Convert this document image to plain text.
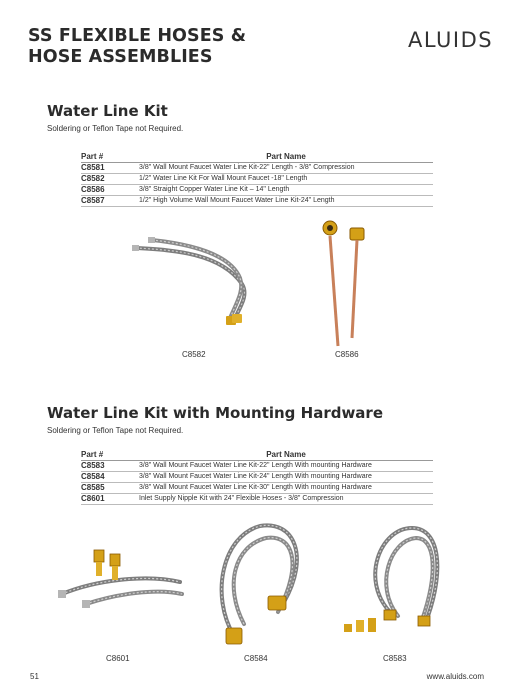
SS FLEXIBLE HOSES &
HOSE ASSEMBLIES
ALUIDS
Water Line Kit
Soldering or Teflon Tape not Required.
Part #	Part Name
C8581	3/8" Wall Mount Faucet Water Line Kit-22" Length - 3/8" Compression
C8582	1/2" Water Line Kit For Wall Mount Faucet -18" Length
C8586	3/8" Straight Copper Water Line Kit – 14" Length
C8587	1/2" High Volume Wall Mount Faucet Water Line Kit-24" Length
C8582	C8586
Water Line Kit with Mounting Hardware
Soldering or Teflon Tape not Required.
Part #	Part Name
C8583	3/8" Wall Mount Faucet Water Line Kit-22" Length With mounting Hardware
C8584	3/8" Wall Mount Faucet Water Line Kit-24" Length With mounting Hardware
C8585	3/8" Wall Mount Faucet Water Line Kit-30" Length With mounting Hardware
C8601	Inlet Supply Nipple Kit with 24" Flexible Hoses - 3/8" Compression
C8601	C8584	C8583
51	www.aluids.com
